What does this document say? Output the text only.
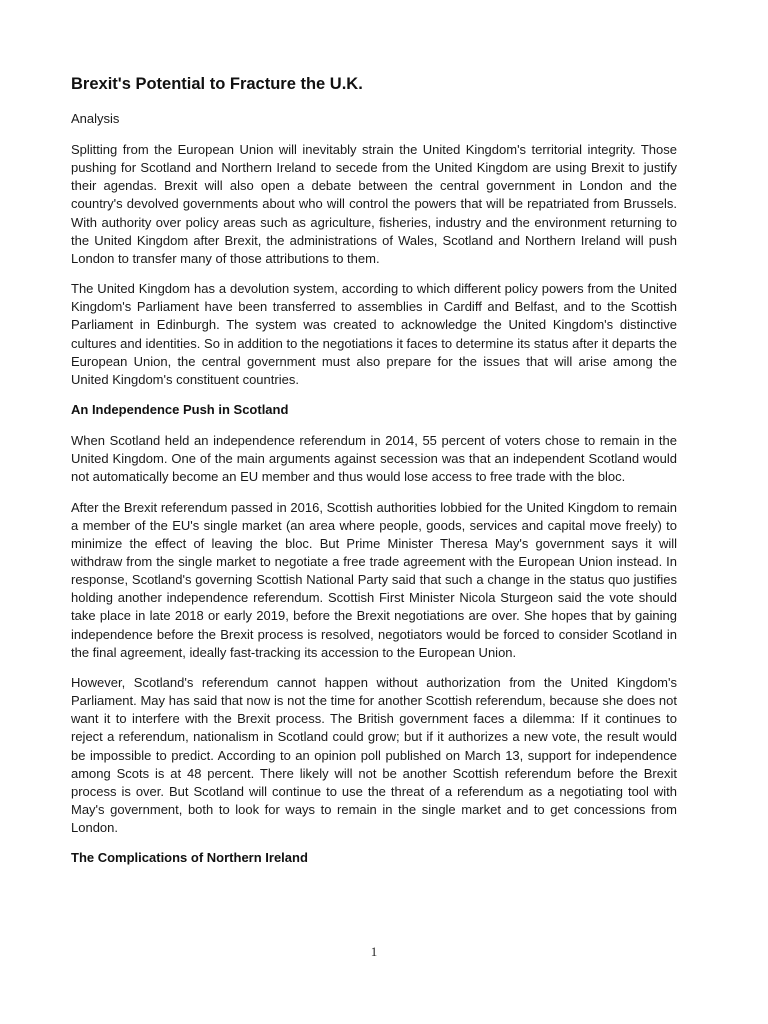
Brexit's Potential to Fracture the U.K.
Analysis

Splitting from the European Union will inevitably strain the United Kingdom's territorial integrity. Those pushing for Scotland and Northern Ireland to secede from the United Kingdom are using Brexit to justify their agendas. Brexit will also open a debate between the central government in London and the country's devolved governments about who will control the powers that will be repatriated from Brussels. With authority over policy areas such as agriculture, fisheries, industry and the environment returning to the United Kingdom after Brexit, the administrations of Wales, Scotland and Northern Ireland will push London to transfer many of those attributions to them.

The United Kingdom has a devolution system, according to which different policy powers from the United Kingdom's Parliament have been transferred to assemblies in Cardiff and Belfast, and to the Scottish Parliament in Edinburgh. The system was created to acknowledge the United Kingdom's distinctive cultures and identities. So in addition to the negotiations it faces to determine its status after it departs the European Union, the central government must also prepare for the issues that will arise among the United Kingdom's constituent countries.

An Independence Push in Scotland

When Scotland held an independence referendum in 2014, 55 percent of voters chose to remain in the United Kingdom. One of the main arguments against secession was that an independent Scotland would not automatically become an EU member and thus would lose access to free trade with the bloc.

After the Brexit referendum passed in 2016, Scottish authorities lobbied for the United Kingdom to remain a member of the EU's single market (an area where people, goods, services and capital move freely) to minimize the effect of leaving the bloc. But Prime Minister Theresa May's government says it will withdraw from the single market to negotiate a free trade agreement with the European Union instead. In response, Scotland's governing Scottish National Party said that such a change in the status quo justifies holding another independence referendum. Scottish First Minister Nicola Sturgeon said the vote should take place in late 2018 or early 2019, before the Brexit negotiations are over. She hopes that by gaining independence before the Brexit process is resolved, negotiators would be forced to consider Scotland in the final agreement, ideally fast-tracking its accession to the European Union.

However, Scotland's referendum cannot happen without authorization from the United Kingdom's Parliament. May has said that now is not the time for another Scottish referendum, because she does not want it to interfere with the Brexit process. The British government faces a dilemma: If it continues to reject a referendum, nationalism in Scotland could grow; but if it authorizes a new vote, the result would be impossible to predict. According to an opinion poll published on March 13, support for independence among Scots is at 48 percent. There likely will not be another Scottish referendum before the Brexit process is over. But Scotland will continue to use the threat of a referendum as a negotiating tool with May's government, both to look for ways to remain in the single market and to get concessions from London.

The Complications of Northern Ireland
1
